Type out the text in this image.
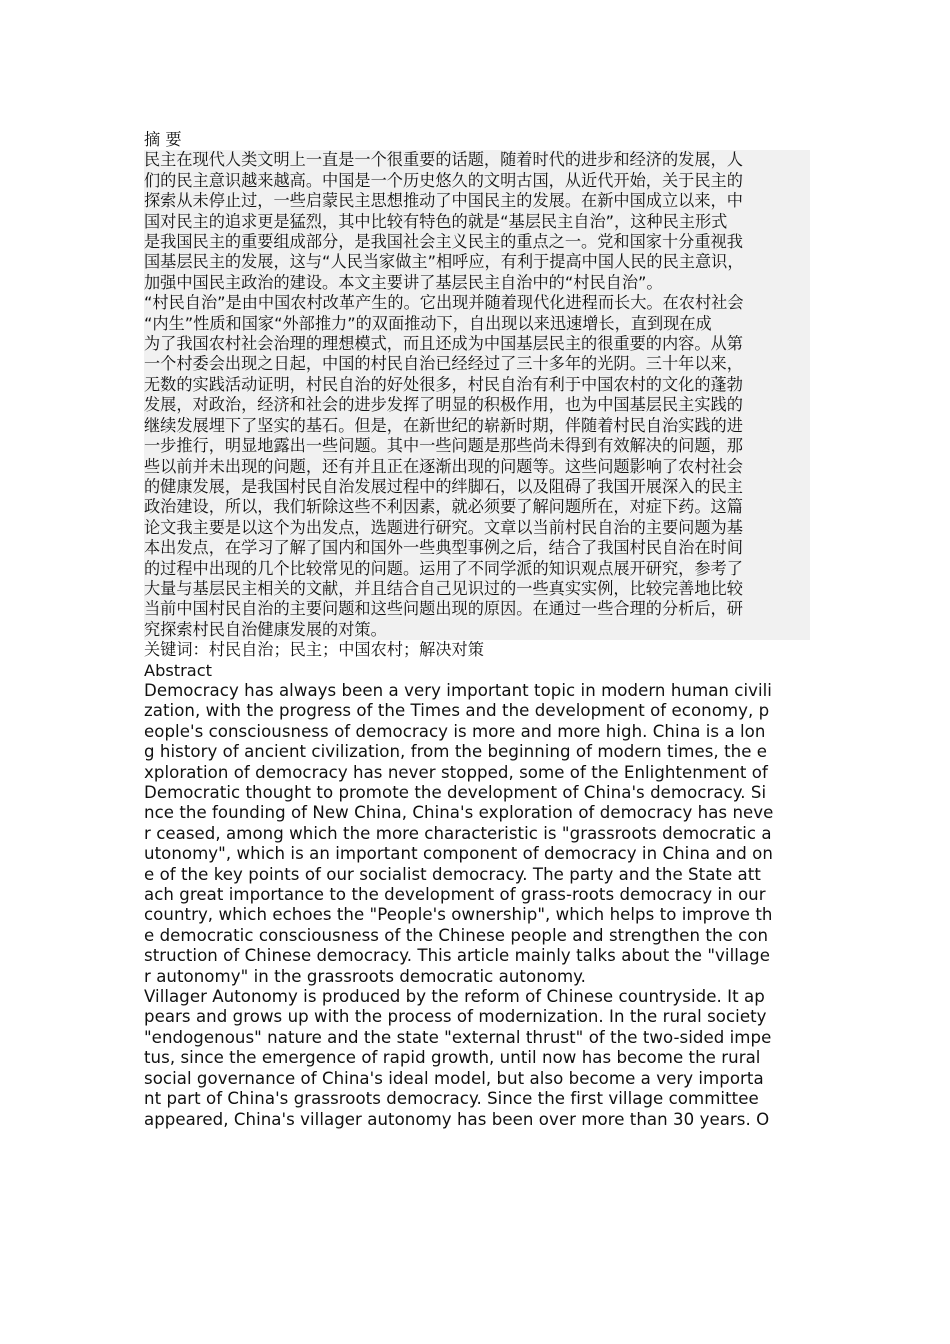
摘 要
民主在现代人类文明上一直是一个很重要的话题，随着时代的进步和经济的发展，人
们的民主意识越来越高。中国是一个历史悠久的文明古国，从近代开始，关于民主的
探索从未停止过，一些启蒙民主思想推动了中国民主的发展。在新中国成立以来，中
国对民主的追求更是猛烈，其中比较有特色的就是“基层民主自治”，这种民主形式
是我国民主的重要组成部分，是我国社会主义民主的重点之一。党和国家十分重视我
国基层民主的发展，这与“人民当家做主”相呼应，有利于提高中国人民的民主意识，
加强中国民主政治的建设。本文主要讲了基层民主自治中的“村民自治”。
“村民自治”是由中国农村改革产生的。它出现并随着现代化进程而长大。在农村社会
“内生”性质和国家“外部推力”的双面推动下，自出现以来迅速增长，直到现在成
为了我国农村社会治理的理想模式，而且还成为中国基层民主的很重要的内容。从第
一个村委会出现之日起，中国的村民自治已经经过了三十多年的光阴。三十年以来，
无数的实践活动证明，村民自治的好处很多，村民自治有利于中国农村的文化的蓬勃
发展，对政治，经济和社会的进步发挥了明显的积极作用，也为中国基层民主实践的
继续发展埋下了坚实的基石。但是，在新世纪的崭新时期，伴随着村民自治实践的进
一步推行，明显地露出一些问题。其中一些问题是那些尚未得到有效解决的问题，那
些以前并未出现的问题，还有并且正在逐渐出现的问题等。这些问题影响了农村社会
的健康发展，是我国村民自治发展过程中的绊脚石，以及阻碍了我国开展深入的民主
政治建设，所以，我们斩除这些不利因素，就必须要了解问题所在，对症下药。这篇
论文我主要是以这个为出发点，选题进行研究。文章以当前村民自治的主要问题为基
本出发点，在学习了解了国内和国外一些典型事例之后，结合了我国村民自治在时间
的过程中出现的几个比较常见的问题。运用了不同学派的知识观点展开研究，参考了
大量与基层民主相关的文献，并且结合自己见识过的一些真实实例，比较完善地比较
当前中国村民自治的主要问题和这些问题出现的原因。在通过一些合理的分析后，研
究探索村民自治健康发展的对策。
关键词：村民自治；民主；中国农村；解决对策
Abstract
Democracy has always been a very important topic in modern human civili
zation, with the progress of the Times and the development of economy, p
eople's consciousness of democracy is more and more high. China is a lon
g history of ancient civilization, from the beginning of modern times, the e
xploration of democracy has never stopped, some of the Enlightenment of
Democratic thought to promote the development of China's democracy. Si
nce the founding of New China, China's exploration of democracy has neve
r ceased, among which the more characteristic is "grassroots democratic a
utonomy", which is an important component of democracy in China and on
e of the key points of our socialist democracy. The party and the State att
ach great importance to the development of grass-roots democracy in our
country, which echoes the "People's ownership", which helps to improve th
e democratic consciousness of the Chinese people and strengthen the con
struction of Chinese democracy. This article mainly talks about the "village
r autonomy" in the grassroots democratic autonomy.
Villager Autonomy is produced by the reform of Chinese countryside. It ap
pears and grows up with the process of modernization. In the rural society
"endogenous" nature and the state "external thrust" of the two-sided impe
tus, since the emergence of rapid growth, until now has become the rural
social governance of China's ideal model, but also become a very importa
nt part of China's grassroots democracy. Since the first village committee
appeared, China's villager autonomy has been over more than 30 years. O
